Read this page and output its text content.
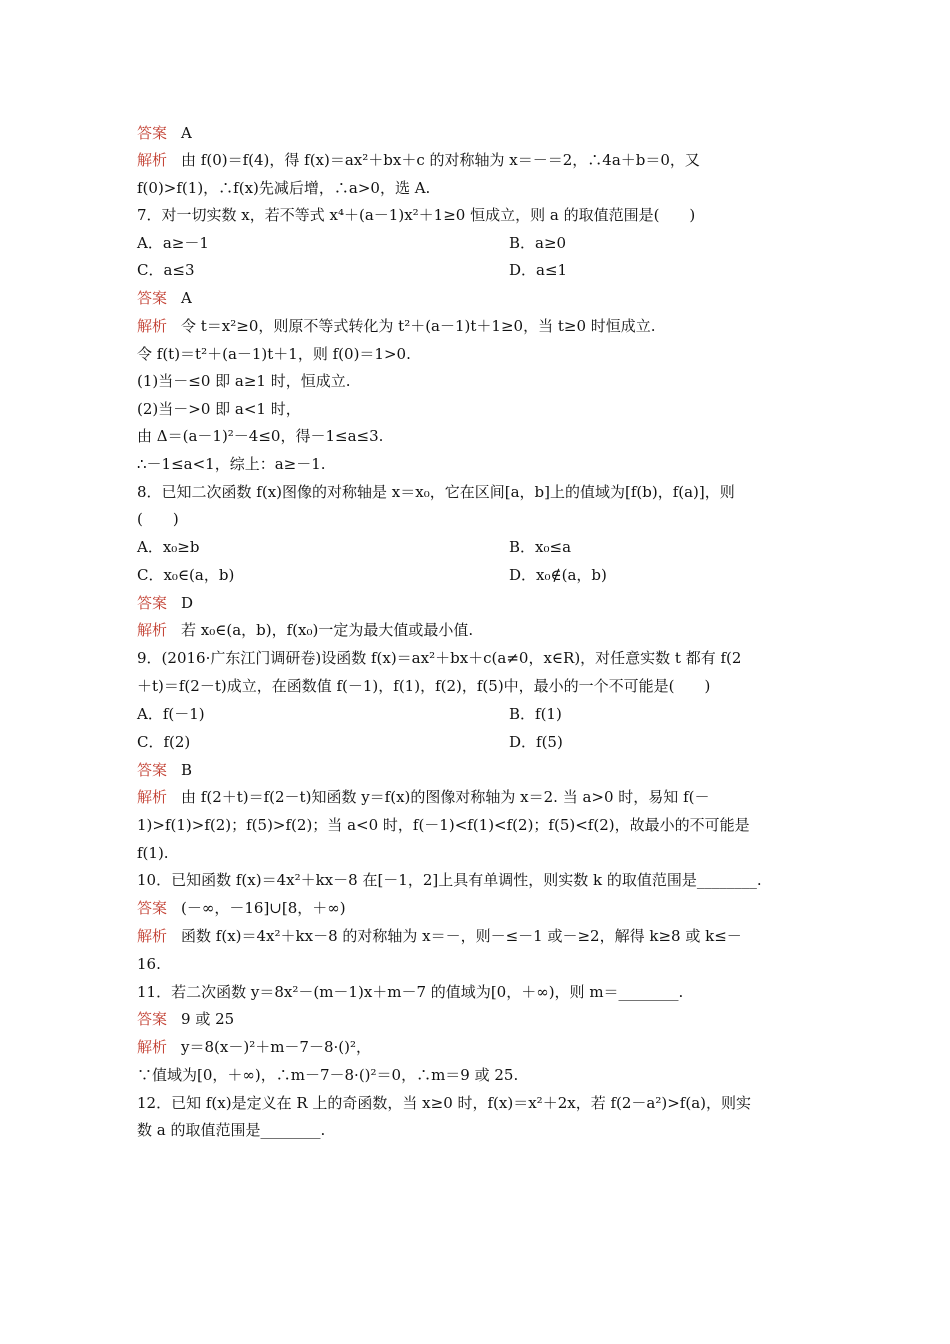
答案 A
解析 由 f(0)＝f(4)，得 f(x)＝ax²＋bx＋c 的对称轴为 x＝－＝2，∴4a＋b＝0，又
f(0)>f(1)，∴f(x)先减后增，∴a>0，选 A.
7．对一切实数 x，若不等式 x⁴＋(a－1)x²＋1≥0 恒成立，则 a 的取值范围是(　　)
A．a≥－1	B．a≥0
C．a≤3	D．a≤1
答案 A
解析 令 t＝x²≥0，则原不等式转化为 t²＋(a－1)t＋1≥0，当 t≥0 时恒成立.
令 f(t)＝t²＋(a－1)t＋1，则 f(0)＝1>0.
(1)当－≤0 即 a≥1 时，恒成立.
(2)当－>0 即 a<1 时，
由 Δ＝(a－1)²－4≤0，得－1≤a≤3.
∴－1≤a<1，综上：a≥－1.
8．已知二次函数 f(x)图像的对称轴是 x＝x₀，它在区间[a，b]上的值域为[f(b)，f(a)]，则
(　　)
A．x₀≥b	B．x₀≤a
C．x₀∈(a，b)	D．x₀∉(a，b)
答案 D
解析 若 x₀∈(a，b)，f(x₀)一定为最大值或最小值.
9．(2016·广东江门调研卷)设函数 f(x)＝ax²＋bx＋c(a≠0，x∈R)，对任意实数 t 都有 f(2
＋t)＝f(2－t)成立，在函数值 f(－1)，f(1)，f(2)，f(5)中，最小的一个不可能是(　　)
A．f(－1)	B．f(1)
C．f(2)	D．f(5)
答案 B
解析 由 f(2＋t)＝f(2－t)知函数 y＝f(x)的图像对称轴为 x＝2. 当 a>0 时，易知 f(－
1)>f(1)>f(2)；f(5)>f(2)；当 a<0 时，f(－1)<f(1)<f(2)；f(5)<f(2)，故最小的不可能是
f(1).
10．已知函数 f(x)＝4x²＋kx－8 在[－1，2]上具有单调性，则实数 k 的取值范围是________.
答案 (－∞，－16]∪[8，＋∞)
解析 函数 f(x)＝4x²＋kx－8 的对称轴为 x＝－，则－≤－1 或－≥2，解得 k≥8 或 k≤－
16.
11．若二次函数 y＝8x²－(m－1)x＋m－7 的值域为[0，＋∞)，则 m＝________.
答案 9 或 25
解析 y＝8(x－)²＋m－7－8·()²，
∵值域为[0，＋∞)，∴m－7－8·()²＝0，∴m＝9 或 25.
12．已知 f(x)是定义在 R 上的奇函数，当 x≥0 时，f(x)＝x²＋2x，若 f(2－a²)>f(a)，则实
数 a 的取值范围是________.
